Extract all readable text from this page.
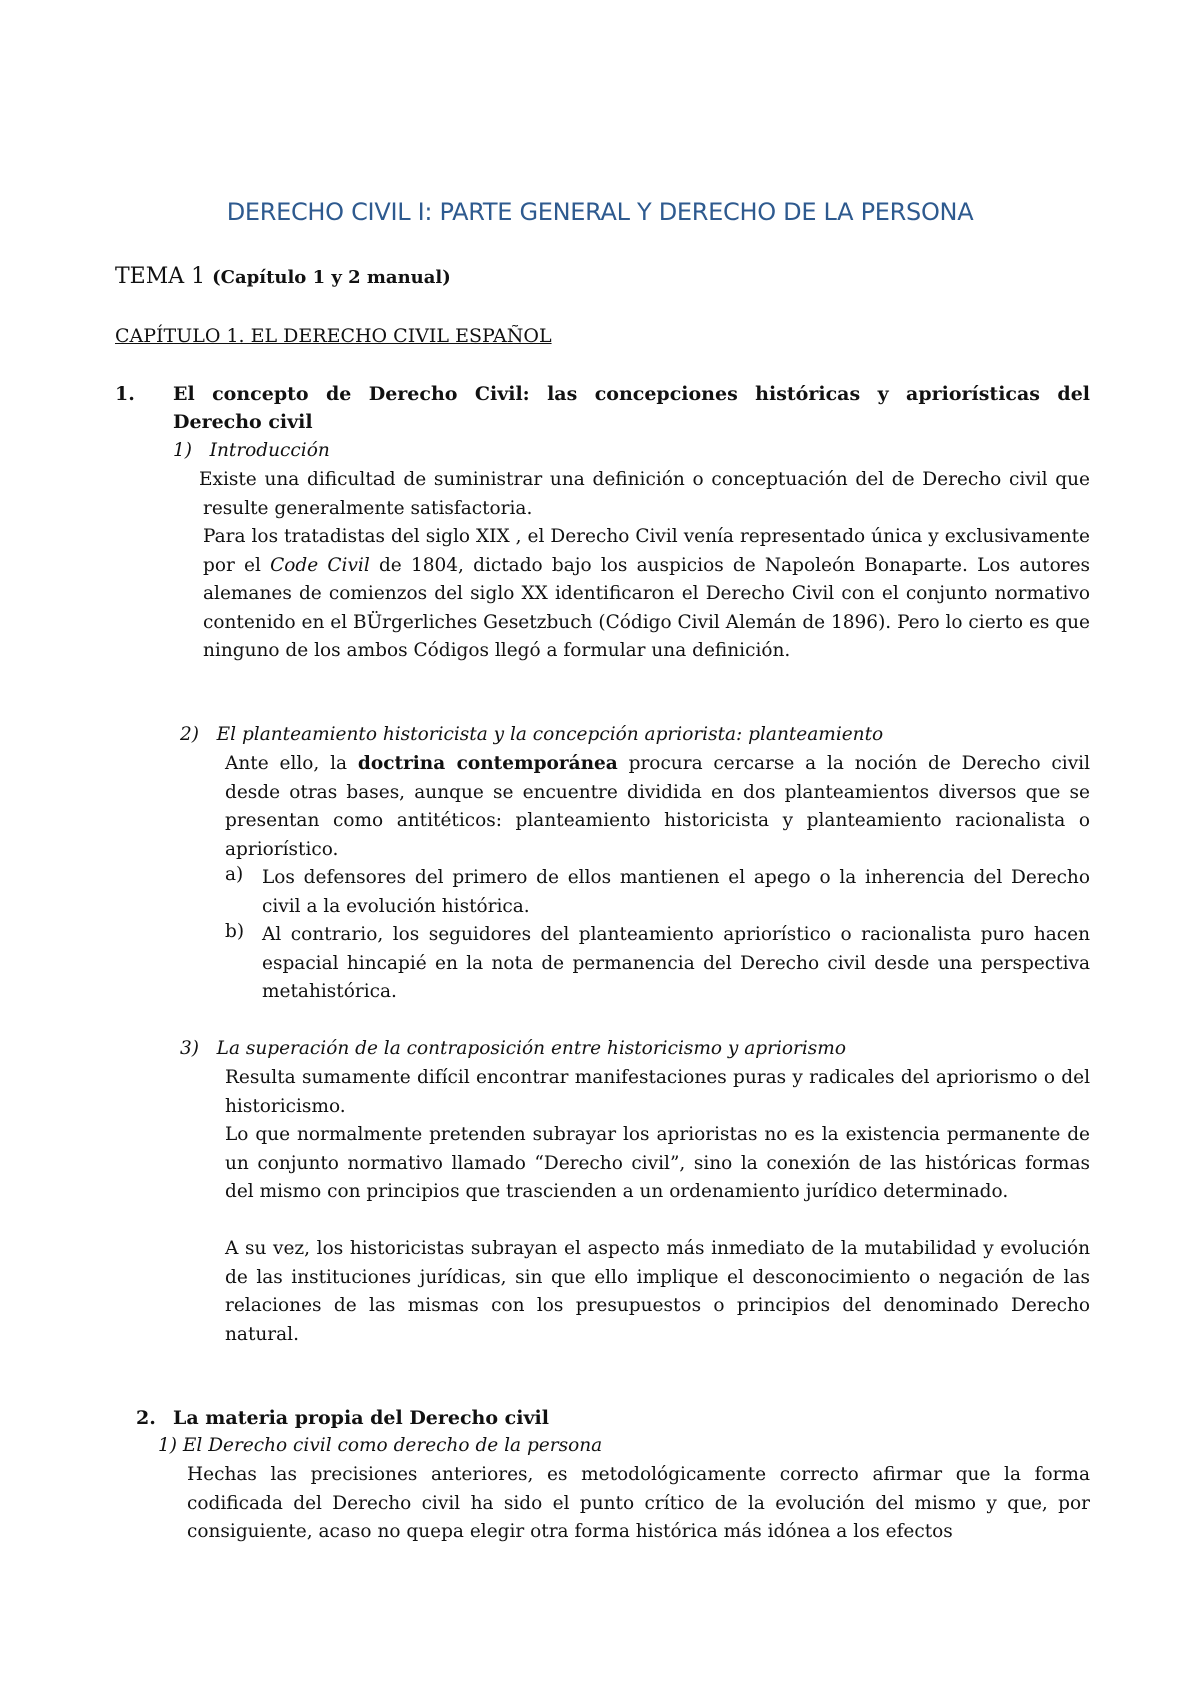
DERECHO CIVIL I: PARTE GENERAL Y DERECHO DE LA PERSONA
TEMA 1 (Capítulo 1 y 2 manual)
CAPÍTULO 1. EL DERECHO CIVIL ESPAÑOL
1. El concepto de Derecho Civil: las concepciones históricas y apriorísticas del
Derecho civil
1) Introducción
Existe una dificultad de suministrar una definición o conceptuación del de Derecho civil que resulte generalmente satisfactoria.
Para los tratadistas del siglo XIX , el Derecho Civil venía representado única y exclusivamente por el Code Civil de 1804, dictado bajo los auspicios de Napoleón Bonaparte. Los autores alemanes de comienzos del siglo XX identificaron el Derecho Civil con el conjunto normativo contenido en el BÜrgerliches Gesetzbuch (Código Civil Alemán de 1896). Pero lo cierto es que ninguno de los ambos Códigos llegó a formular una definición.
2) El planteamiento historicista y la concepción apriorista: planteamiento
Ante ello, la doctrina contemporánea procura cercarse a la noción de Derecho civil desde otras bases, aunque se encuentre dividida en dos planteamientos diversos que se presentan como antitéticos: planteamiento historicista y planteamiento racionalista o apriorístico.
a) Los defensores del primero de ellos mantienen el apego o la inherencia del Derecho civil a la evolución histórica.
b) Al contrario, los seguidores del planteamiento apriorístico o racionalista puro hacen espacial hincapié en la nota de permanencia del Derecho civil desde una perspectiva metahistórica.
3) La superación de la contraposición entre historicismo y apriorismo
Resulta sumamente difícil encontrar manifestaciones puras y radicales del apriorismo o del historicismo.
Lo que normalmente pretenden subrayar los aprioristas no es la existencia permanente de un conjunto normativo llamado “Derecho civil”, sino la conexión de las históricas formas del mismo con principios que trascienden a un ordenamiento jurídico determinado.
A su vez, los historicistas subrayan el aspecto más inmediato de la mutabilidad y evolución de las instituciones jurídicas, sin que ello implique el desconocimiento o negación de las relaciones de las mismas con los presupuestos o principios del denominado Derecho natural.
2. La materia propia del Derecho civil
1) El Derecho civil como derecho de la persona
Hechas las precisiones anteriores, es metodológicamente correcto afirmar que la forma codificada del Derecho civil ha sido el punto crítico de la evolución del mismo y que, por consiguiente, acaso no quepa elegir otra forma histórica más idónea a los efectos
